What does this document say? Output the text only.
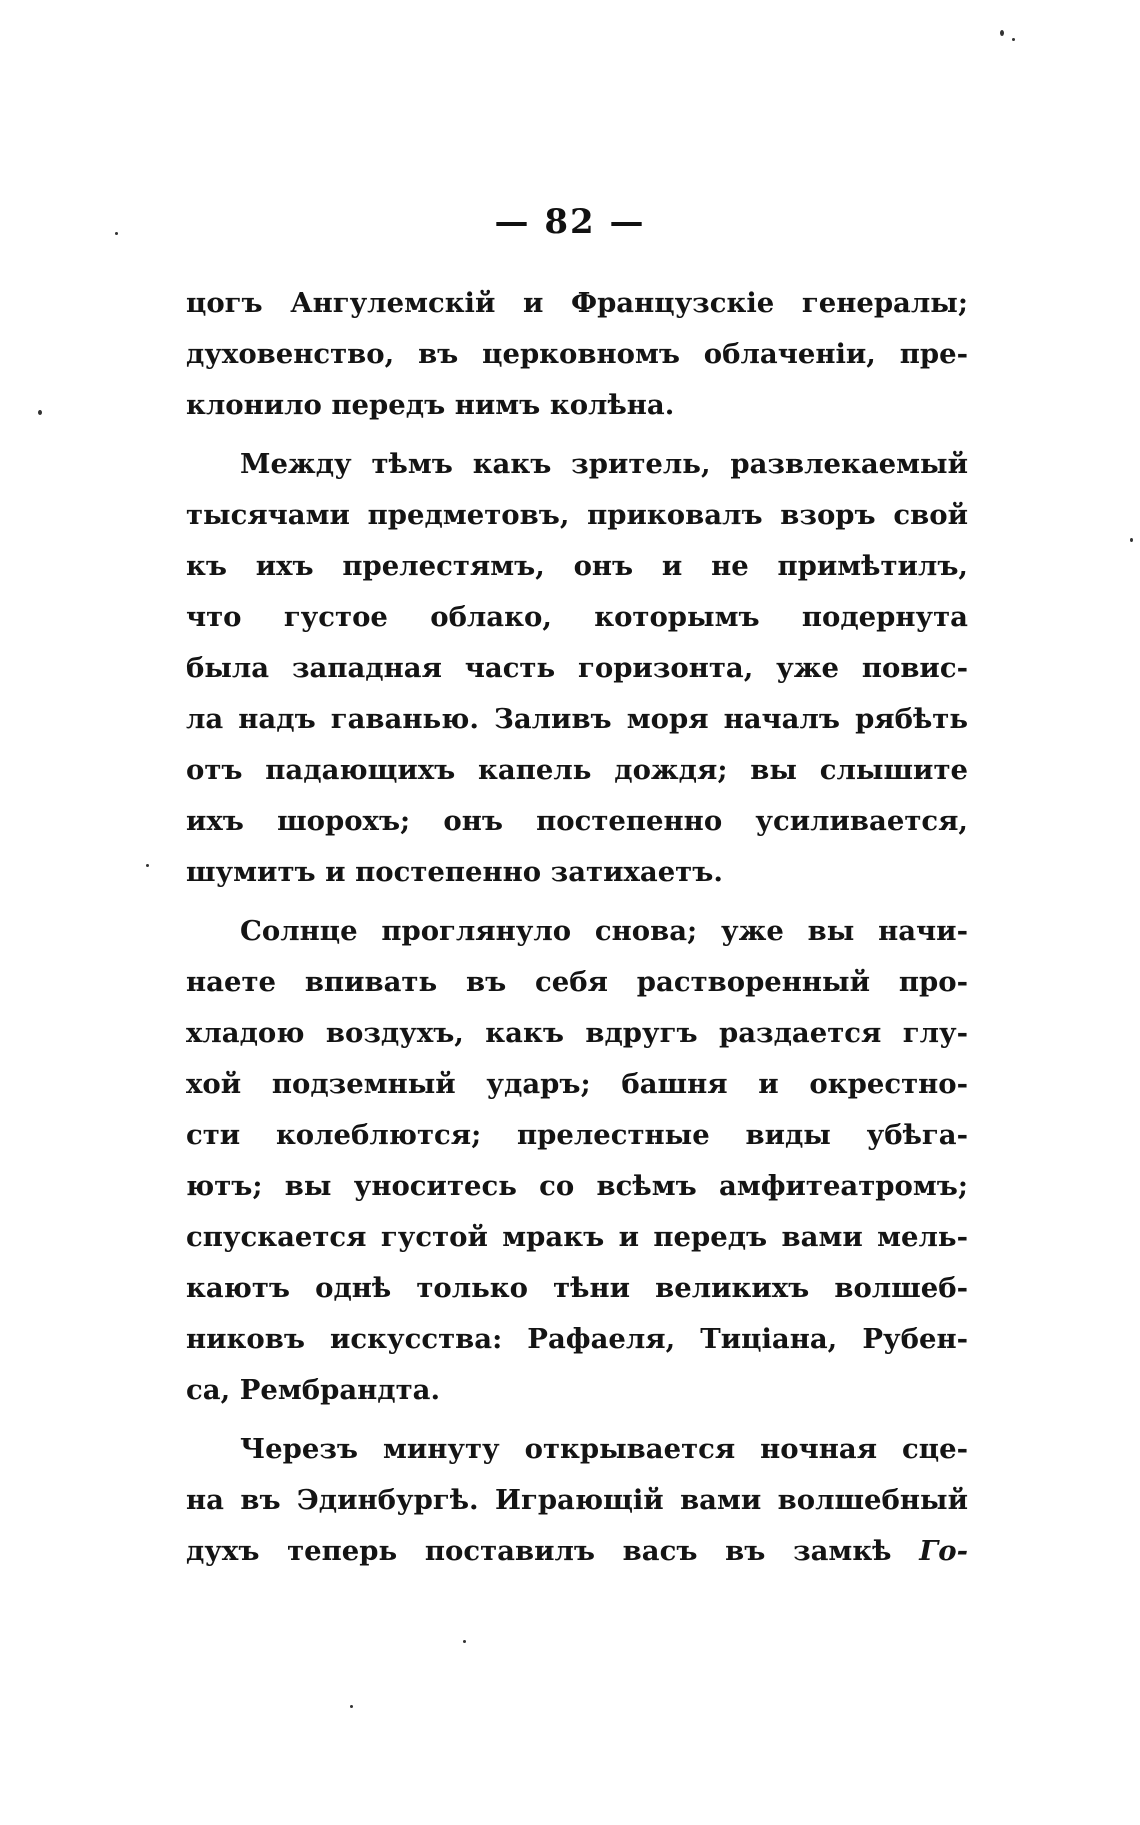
— 82 —
цогъ Ангулемскій и Французскіе генералы;
духовенство, въ церковномъ облаченіи, пре-
клонило передъ нимъ колѣна.
Между тѣмъ какъ зритель, развлекаемый
тысячами предметовъ, приковалъ взоръ свой
къ ихъ прелестямъ, онъ и не примѣтилъ,
что густое облако, которымъ подернута
была западная часть горизонта, уже повис-
ла надъ гаванью. Заливъ моря началъ рябѣть
отъ падающихъ капель дождя; вы слышите
ихъ шорохъ; онъ постепенно усиливается,
шумитъ и постепенно затихаетъ.
Солнце проглянуло снова; уже вы начи-
наете впивать въ себя растворенный про-
хладою воздухъ, какъ вдругъ раздается глу-
хой подземный ударъ; башня и окрестно-
сти колеблются; прелестные виды убѣга-
ютъ; вы уноситесь со всѣмъ амфитеатромъ;
спускается густой мракъ и передъ вами мель-
каютъ однѣ только тѣни великихъ волшеб-
никовъ искусства: Рафаеля, Тиціана, Рубен-
са, Рембрандта.
Черезъ минуту открывается ночная сце-
на въ Эдинбургѣ. Играющій вами волшебный
духъ теперь поставилъ васъ въ замкѣ Го-
